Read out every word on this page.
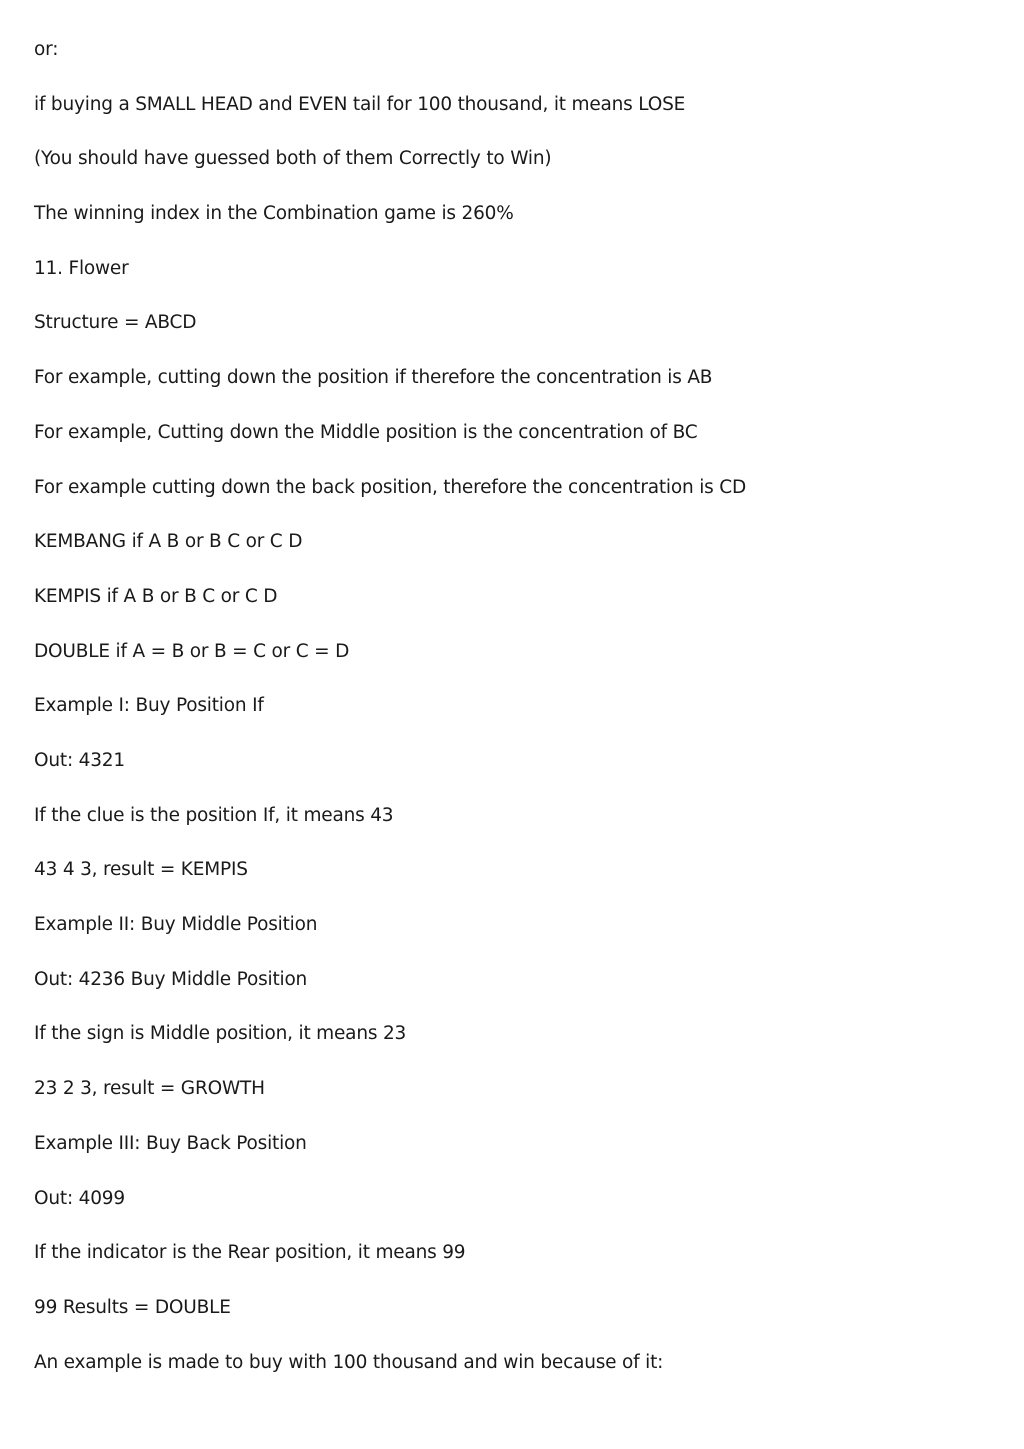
or:
if buying a SMALL HEAD and EVEN tail for 100 thousand, it means LOSE
(You should have guessed both of them Correctly to Win)
The winning index in the Combination game is 260%
11. Flower
Structure = ABCD
For example, cutting down the position if therefore the concentration is AB
For example, Cutting down the Middle position is the concentration of BC
For example cutting down the back position, therefore the concentration is CD
KEMBANG if A B or B C or C D
KEMPIS if A B or B C or C D
DOUBLE if A = B or B = C or C = D
Example I: Buy Position If
Out: 4321
If the clue is the position If, it means 43
43 4 3, result = KEMPIS
Example II: Buy Middle Position
Out: 4236 Buy Middle Position
If the sign is Middle position, it means 23
23 2 3, result = GROWTH
Example III: Buy Back Position
Out: 4099
If the indicator is the Rear position, it means 99
99 Results = DOUBLE
An example is made to buy with 100 thousand and win because of it:
